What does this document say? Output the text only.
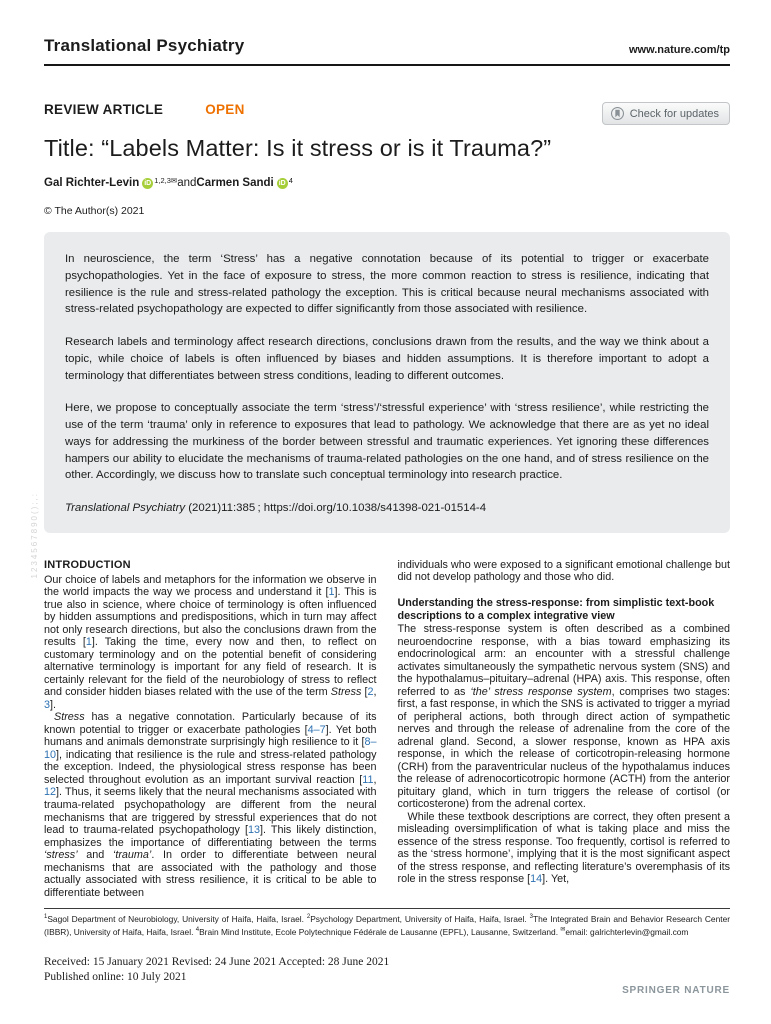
Translational Psychiatry	www.nature.com/tp
REVIEW ARTICLE	OPEN	Check for updates
Title: “Labels Matter: Is it stress or is it Trauma?”
Gal Richter-Levin iD $^{1,2,3}$ ✉ and Carmen Sandi iD $^4$
© The Author(s) 2021

In neuroscience, the term ‘Stress’ has a negative connotation because of its potential to trigger or exacerbate psychopathologies. Yet in the face of exposure to stress, the more common reaction to stress is resilience, indicating that resilience is the rule and stress-related pathology the exception. This is critical because neural mechanisms associated with stress-related psychopathology are expected to differ significantly from those associated with resilience.

Research labels and terminology affect research directions, conclusions drawn from the results, and the way we think about a topic, while choice of labels is often influenced by biases and hidden assumptions. It is therefore important to adopt a terminology that differentiates between stress conditions, leading to different outcomes.

Here, we propose to conceptually associate the term ‘stress’/‘stressful experience’ with ‘stress resilience’, while restricting the use of the term ‘trauma’ only in reference to exposures that lead to pathology. We acknowledge that there are as yet no ideal ways for addressing the murkiness of the border between stressful and traumatic experiences. Yet ignoring these differences hampers our ability to elucidate the mechanisms of trauma-related pathologies on the one hand, and of stress resilience on the other. Accordingly, we discuss how to translate such conceptual terminology into research practice.

Translational Psychiatry (2021)11:385 ; https://doi.org/10.1038/s41398-021-01514-4

INTRODUCTION

Our choice of labels and metaphors for the information we observe in the world impacts the way we process and understand it [1]. This is true also in science, where choice of terminology is often influenced by hidden assumptions and predispositions, which in turn may affect not only research directions, but also the conclusions drawn from the results [1]. Taking the time, every now and then, to reflect on customary terminology and on the potential benefit of considering alternative terminology is important for any field of research. It is certainly relevant for the field of the neurobiology of stress to reflect and consider hidden biases related with the use of the term Stress [2, 3].

Stress has a negative connotation. Particularly because of its known potential to trigger or exacerbate pathologies [4–7]. Yet both humans and animals demonstrate surprisingly high resilience to it [8–10], indicating that resilience is the rule and stress-related pathology the exception. Indeed, the physiological stress response has been selected throughout evolution as an important survival reaction [11, 12]. Thus, it seems likely that the neural mechanisms associated with trauma-related psychopathology are different from the neural mechanisms that are triggered by stressful experiences that do not lead to trauma-related psychopathology [13]. This likely distinction, emphasizes the importance of differentiating between the terms ‘stress’ and ‘trauma’. In order to differentiate between neural mechanisms that are associated with the pathology and those actually associated with stress resilience, it is critical to be able to differentiate between

individuals who were exposed to a significant emotional challenge but did not develop pathology and those who did.

Understanding the stress-response: from simplistic text-book descriptions to a complex integrative view

The stress-response system is often described as a combined neuroendocrine response, with a bias toward emphasizing its endocrinological arm: an encounter with a stressful challenge activates simultaneously the sympathetic nervous system (SNS) and the hypothalamus–pituitary–adrenal (HPA) axis. This response, often referred to as ‘the’ stress response system, comprises two stages: first, a fast response, in which the SNS is activated to trigger a myriad of peripheral actions, both through direct action of sympathetic nerves and through the release of adrenaline from the core of the adrenal gland. Second, a slower response, known as HPA axis response, in which the release of corticotropin-releasing hormone (CRH) from the paraventricular nucleus of the hypothalamus induces the release of adrenocorticotropic hormone (ACTH) from the anterior pituitary gland, which in turn triggers the release of cortisol (or corticosterone) from the adrenal cortex.

While these textbook descriptions are correct, they often present a misleading oversimplification of what is taking place and miss the essence of the stress response. Too frequently, cortisol is referred to as the ‘stress hormone’, implying that it is the most significant aspect of the stress response, and reflecting literature’s overemphasis of its role in the stress response [14]. Yet,

$^1$Sagol Department of Neurobiology, University of Haifa, Haifa, Israel. $^2$Psychology Department, University of Haifa, Haifa, Israel. $^3$The Integrated Brain and Behavior Research Center (IBBR), University of Haifa, Haifa, Israel. $^4$Brain Mind Institute, Ecole Polytechnique Fédérale de Lausanne (EPFL), Lausanne, Switzerland. ✉email: galrichterlevin@gmail.com

Received: 15 January 2021 Revised: 24 June 2021 Accepted: 28 June 2021
Published online: 10 July 2021
SPRINGER NATURE
1234567890();,:
